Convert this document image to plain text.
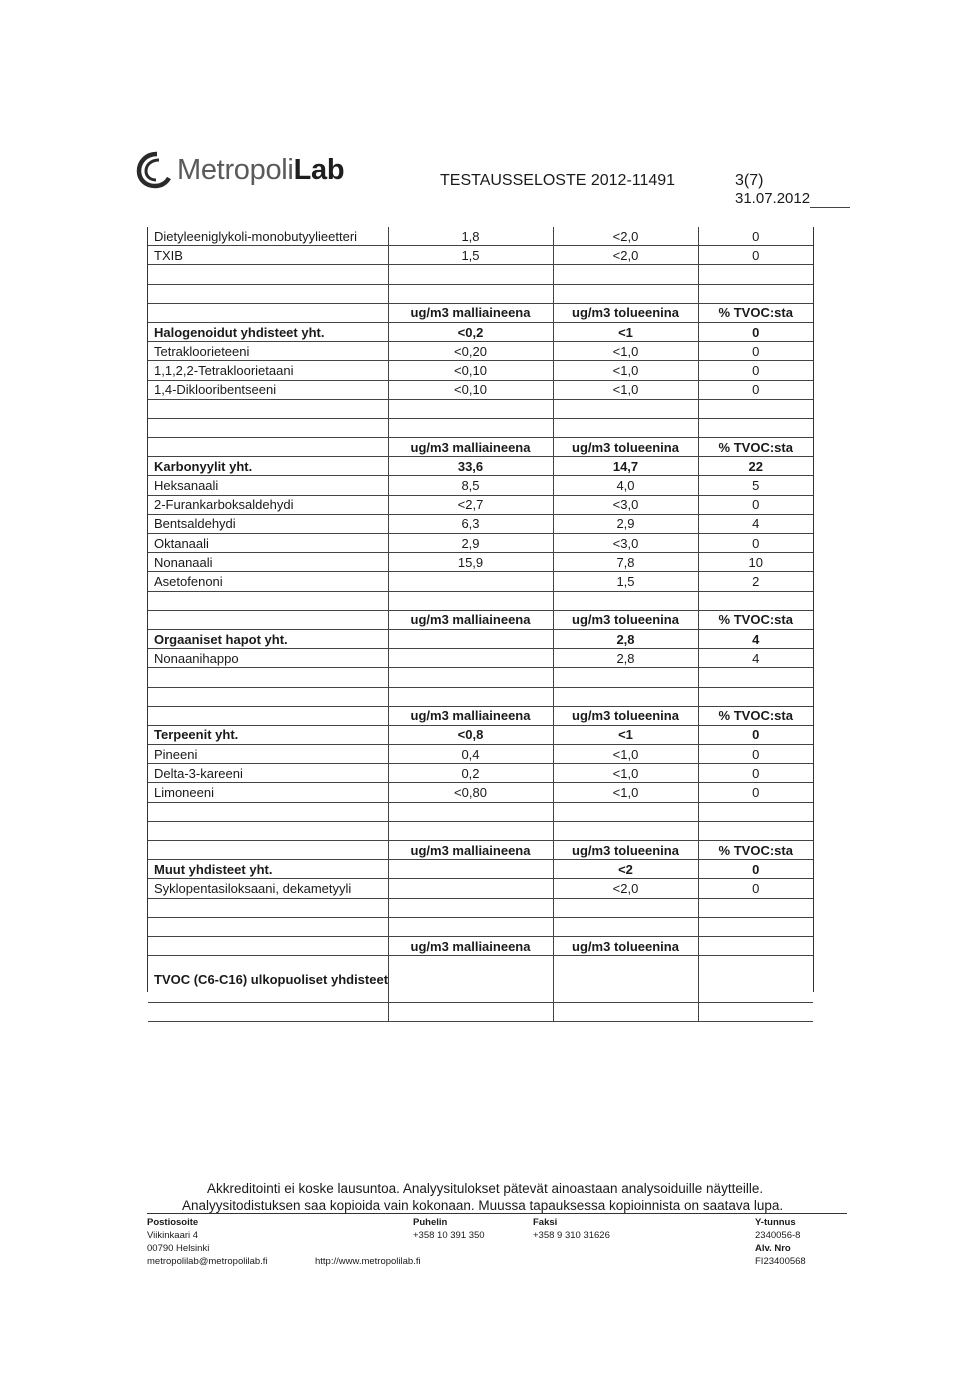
MetropoliLab	TESTAUSSELOSTE 2012-11491	3(7)
31.07.2012
Dietyleeniglykoli-monobutyylieetteri	1,8	<2,0	0
TXIB	1,5	<2,0	0

	ug/m3 malliaineena	ug/m3 tolueenina	% TVOC:sta
Halogenoidut yhdisteet yht.	<0,2	<1	0
Tetrakloorieteeni	<0,20	<1,0	0
1,1,2,2-Tetrakloorietaani	<0,10	<1,0	0
1,4-Diklooribentseeni	<0,10	<1,0	0

	ug/m3 malliaineena	ug/m3 tolueenina	% TVOC:sta
Karbonyylit yht.	33,6	14,7	22
Heksanaali	8,5	4,0	5
2-Furankarboksaldehydi	<2,7	<3,0	0
Bentsaldehydi	6,3	2,9	4
Oktanaali	2,9	<3,0	0
Nonanaali	15,9	7,8	10
Asetofenoni		1,5	2

	ug/m3 malliaineena	ug/m3 tolueenina	% TVOC:sta
Orgaaniset hapot yht.		2,8	4
Nonaanihappo		2,8	4

	ug/m3 malliaineena	ug/m3 tolueenina	% TVOC:sta
Terpeenit yht.	<0,8	<1	0
Pineeni	0,4	<1,0	0
Delta-3-kareeni	0,2	<1,0	0
Limoneeni	<0,80	<1,0	0

	ug/m3 malliaineena	ug/m3 tolueenina	% TVOC:sta
Muut yhdisteet yht.		<2	0
Syklopentasiloksaani, dekametyyli		<2,0	0

	ug/m3 malliaineena	ug/m3 tolueenina	
TVOC (C6-C16) ulkopuoliset yhdisteet			

Akkreditointi ei koske lausuntoa. Analyysitulokset pätevät ainoastaan analysoiduille näytteille.
Analyysitodistuksen saa kopioida vain kokonaan. Muussa tapauksessa kopioinnista on saatava lupa.
Postiosoite
Viikinkaari 4
00790 Helsinki
metropolilab@metropolilab.fi	http://www.metropolilab.fi
Puhelin
+358 10 391 350
Faksi
+358 9 310 31626
Y-tunnus
2340056-8
Alv. Nro
FI23400568
